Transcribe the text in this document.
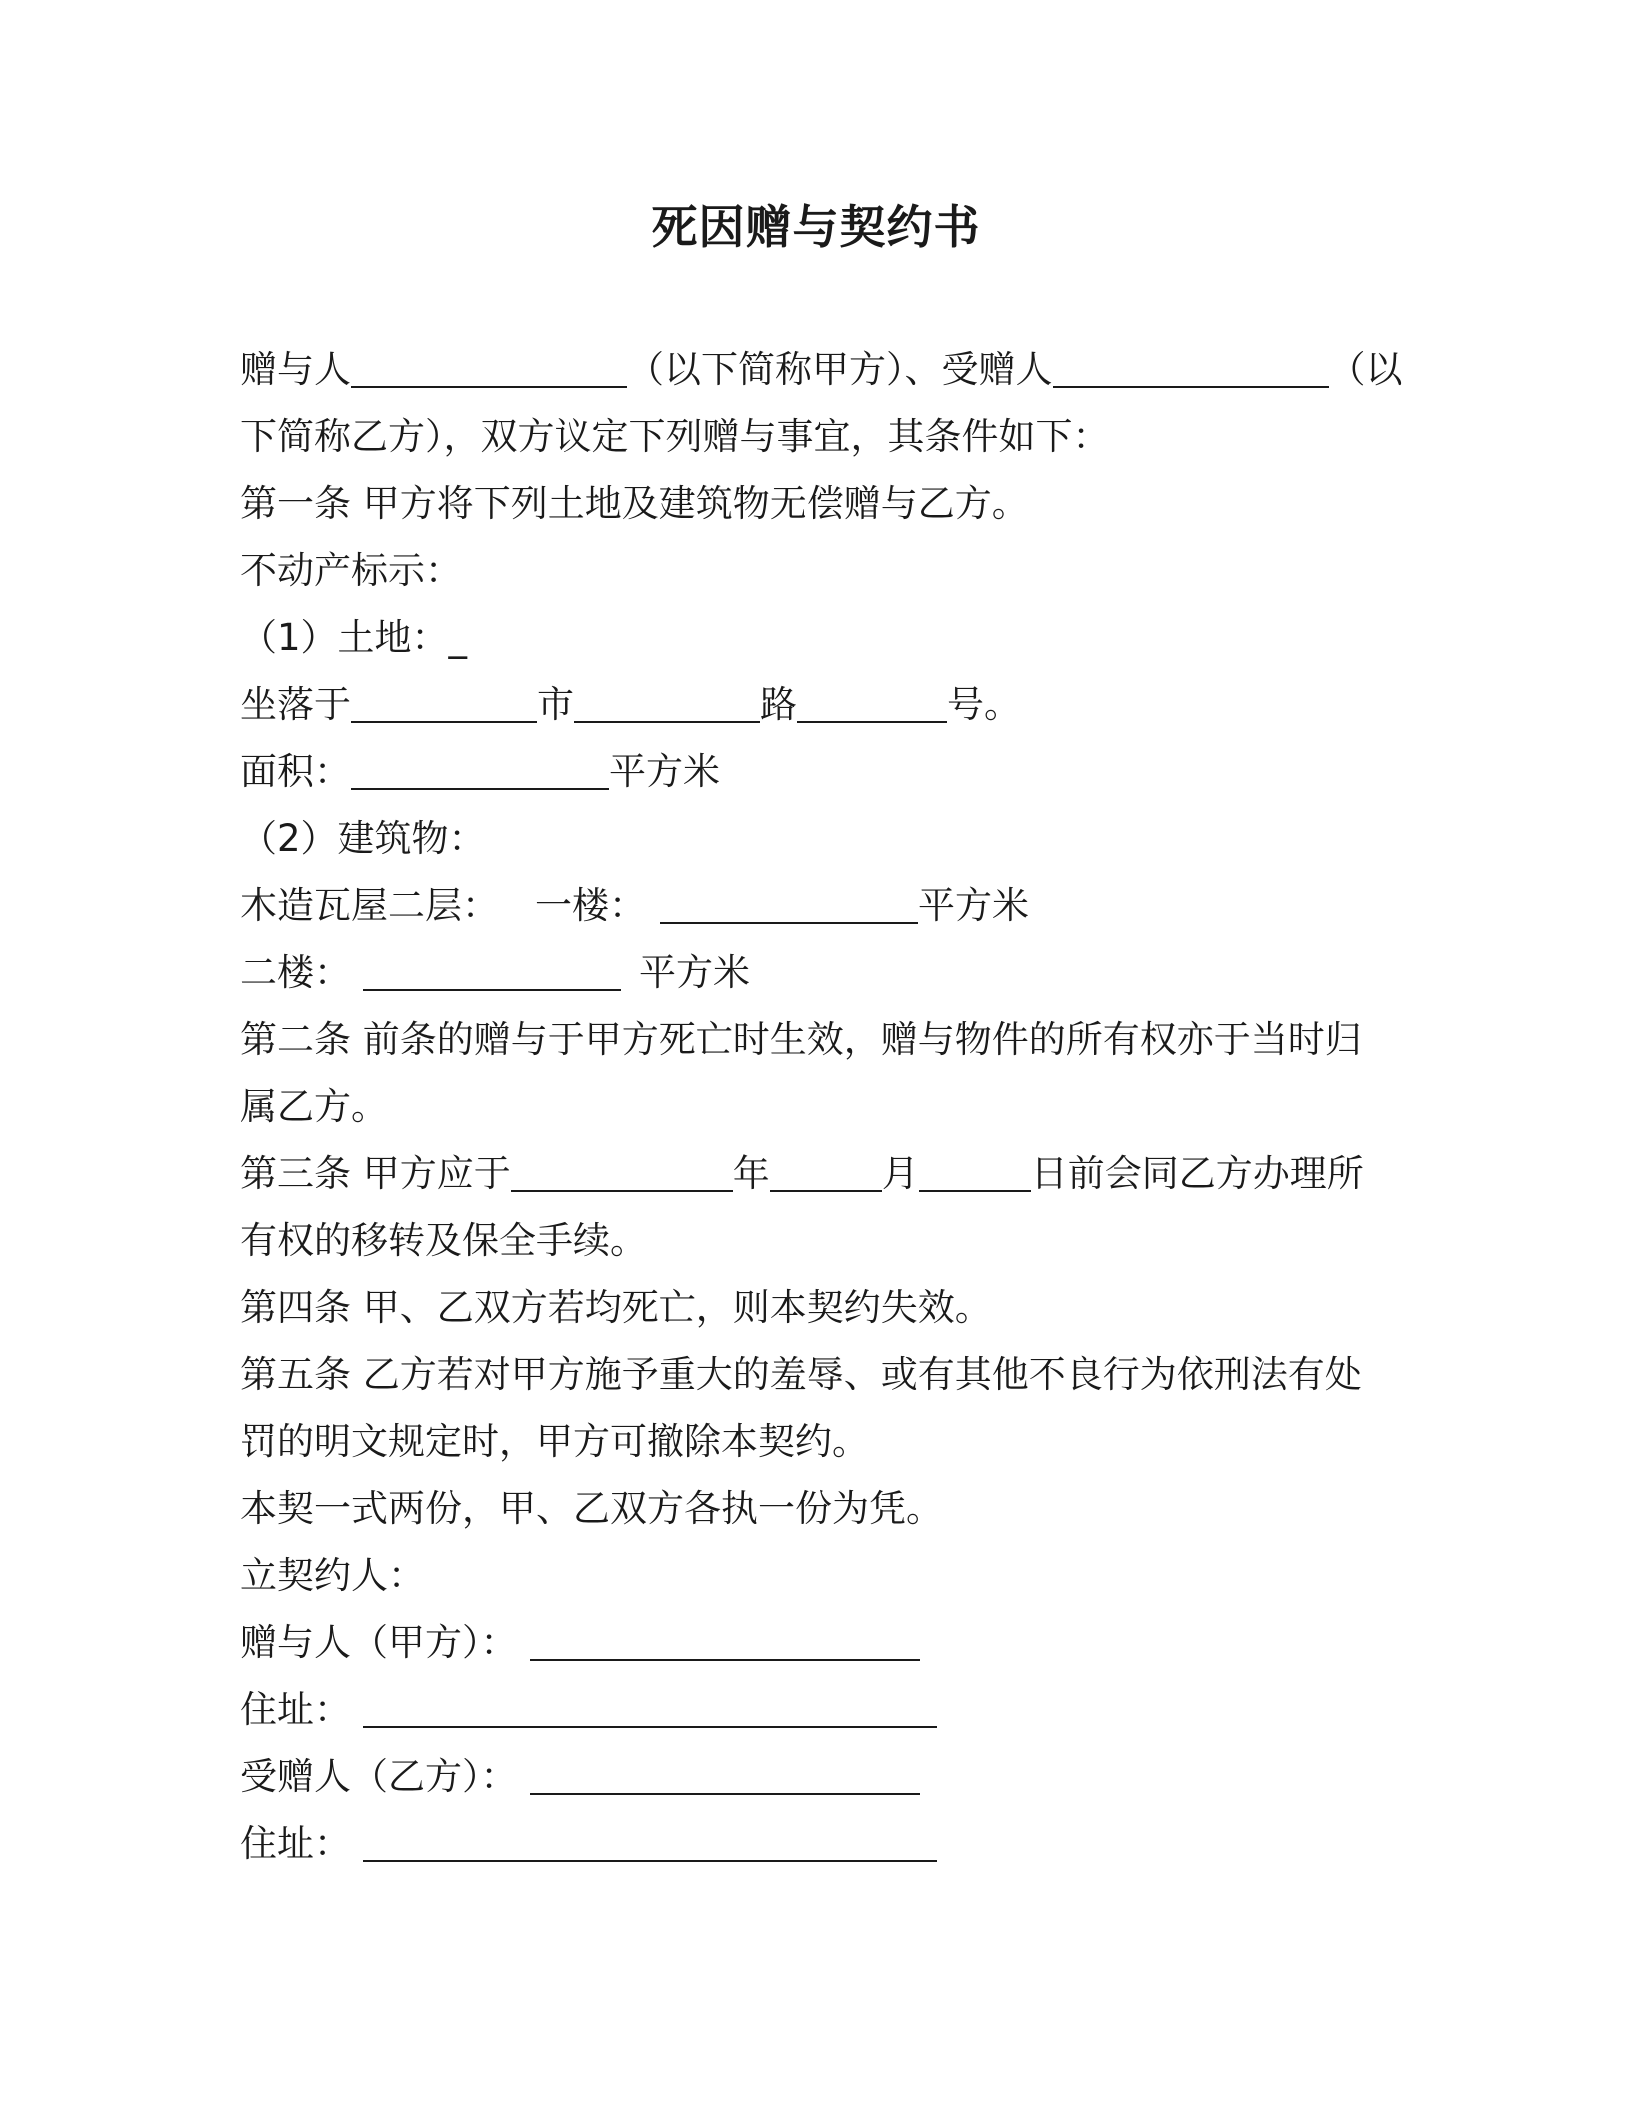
死因赠与契约书
赠与人	（以下简称甲方）、受赠人	（以
下简称乙方），双方议定下列赠与事宜，其条件如下：
第一条 甲方将下列土地及建筑物无偿赠与乙方。
不动产标示：
（1）土地：_
坐落于	市	路	号。
面积：	平方米
（2）建筑物：
木造瓦屋二层： 一楼：	平方米
二楼：	平方米
第二条 前条的赠与于甲方死亡时生效，赠与物件的所有权亦于当时归
属乙方。
第三条 甲方应于	年	月	日前会同乙方办理所
有权的移转及保全手续。
第四条 甲、乙双方若均死亡，则本契约失效。
第五条 乙方若对甲方施予重大的羞辱、或有其他不良行为依刑法有处
罚的明文规定时，甲方可撤除本契约。
本契一式两份，甲、乙双方各执一份为凭。
立契约人：
赠与人（甲方）：
住址：
受赠人（乙方）：
住址：
